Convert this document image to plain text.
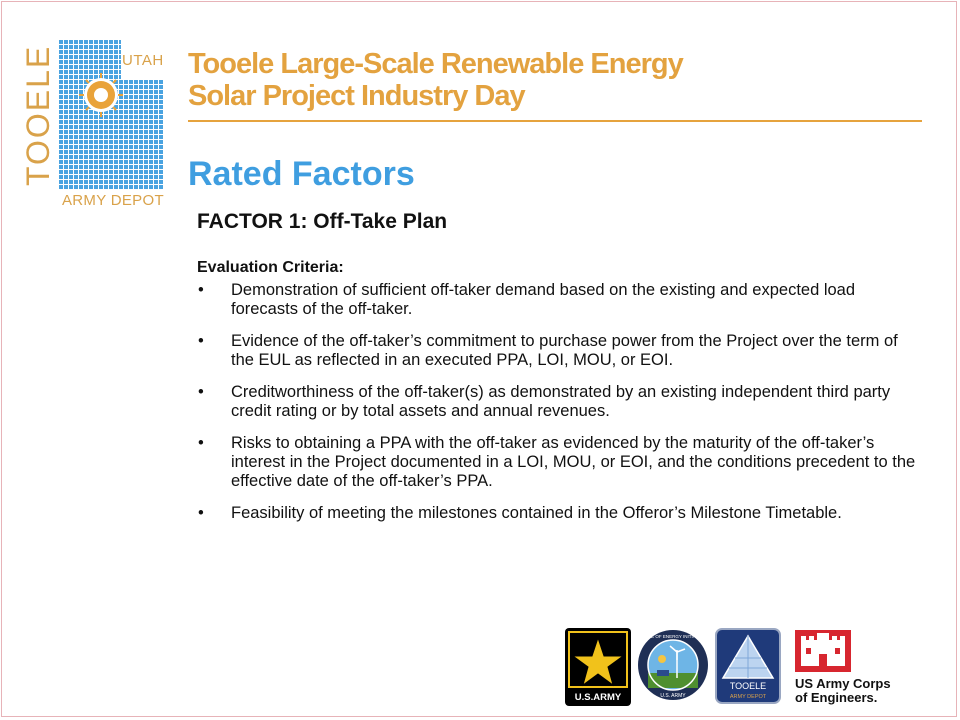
TOOELE	UTAH
ARMY DEPOT
Tooele Large-Scale Renewable Energy
Solar Project Industry Day
Rated Factors
FACTOR 1: Off-Take Plan
Evaluation Criteria:
• Demonstration of sufficient off-taker demand based on the existing and expected load forecasts of the off-taker.
• Evidence of the off-taker’s commitment to purchase power from the Project over the term of the EUL as reflected in an executed PPA, LOI, MOU, or EOI.
• Creditworthiness of the off-taker(s) as demonstrated by an existing independent third party credit rating or by total assets and annual revenues.
• Risks to obtaining a PPA with the off-taker as evidenced by the maturity of the off-taker’s interest in the Project documented in a LOI, MOU, or EOI, and the conditions precedent to the effective date of the off-taker’s PPA.
• Feasibility of meeting the milestones contained in the Offeror’s Milestone Timetable.
U.S.ARMY
OFFICE OF ENERGY INITIATIVES
U.S. ARMY
TOOELE
ARMY DEPOT
US Army Corps
of Engineers.
